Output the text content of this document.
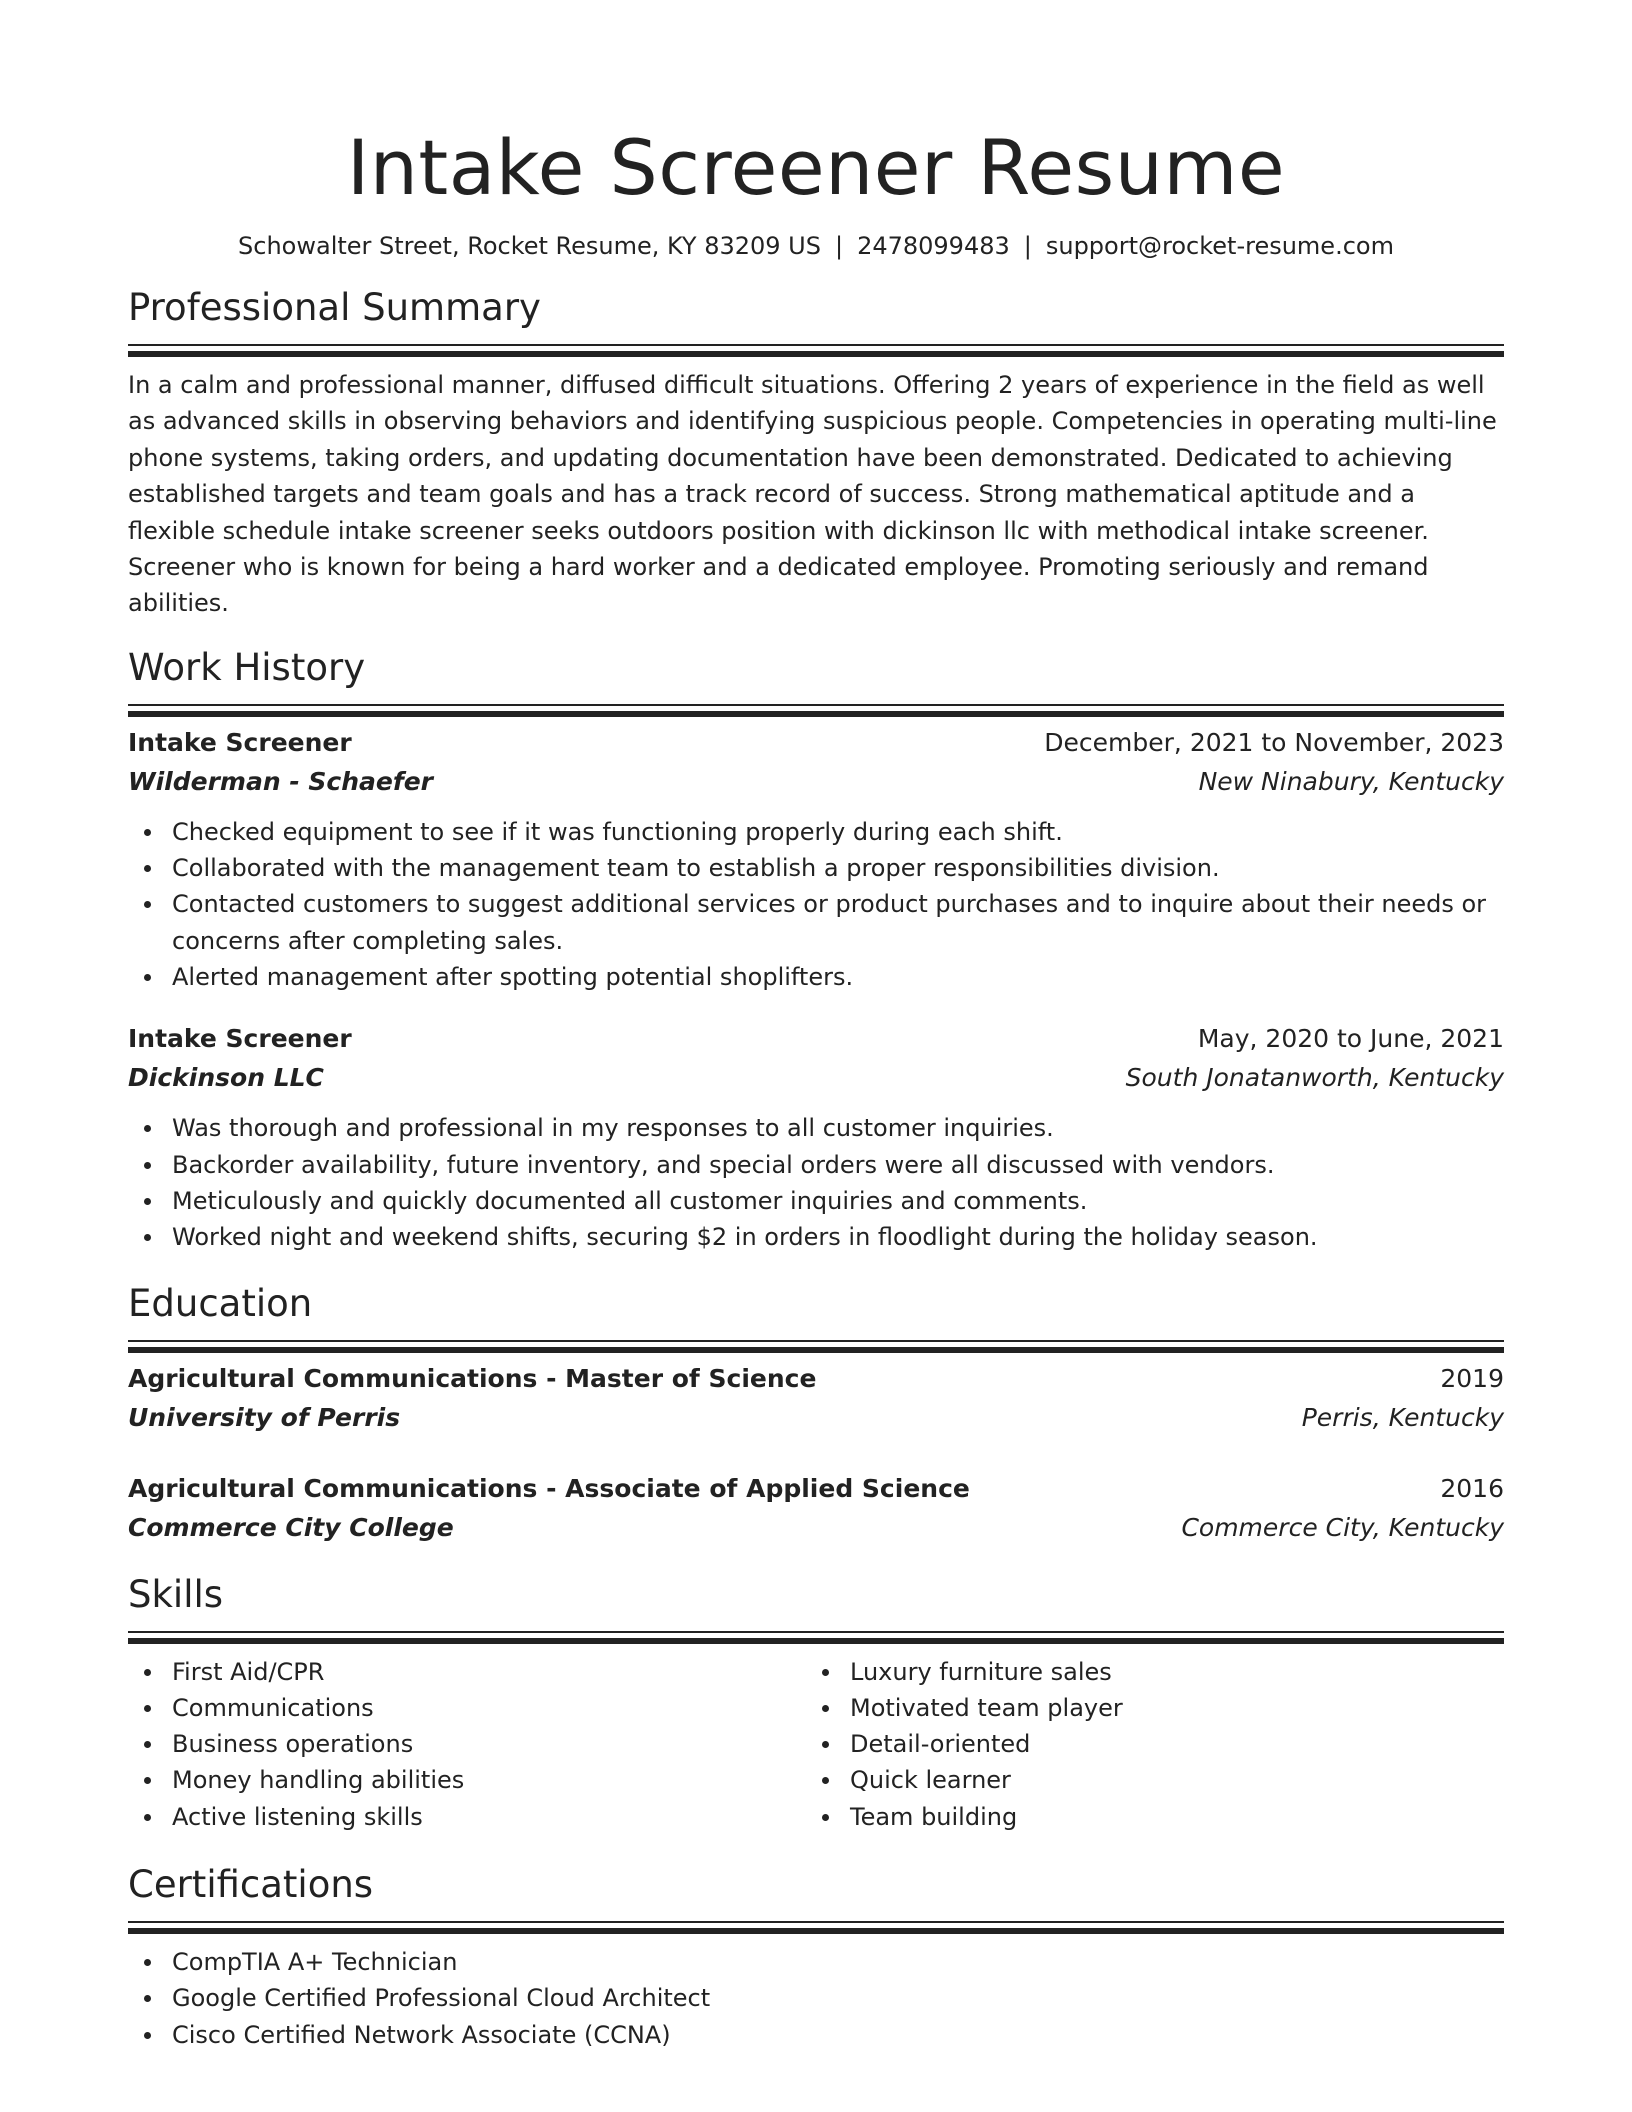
Intake Screener Resume
Schowalter Street, Rocket Resume, KY 83209 US | 2478099483 | support@rocket-resume.com
Professional Summary

In a calm and professional manner, diffused difficult situations. Offering 2 years of experience in the field as well as advanced skills in observing behaviors and identifying suspicious people. Competencies in operating multi-line phone systems, taking orders, and updating documentation have been demonstrated. Dedicated to achieving established targets and team goals and has a track record of success. Strong mathematical aptitude and a flexible schedule intake screener seeks outdoors position with dickinson llc with methodical intake screener. Screener who is known for being a hard worker and a dedicated employee. Promoting seriously and remand abilities.

Work History
Intake Screener	December, 2021 to November, 2023
Wilderman - Schaefer	New Ninabury, Kentucky
Checked equipment to see if it was functioning properly during each shift.
Collaborated with the management team to establish a proper responsibilities division.
Contacted customers to suggest additional services or product purchases and to inquire about their needs or concerns after completing sales.
Alerted management after spotting potential shoplifters.
Intake Screener	May, 2020 to June, 2021
Dickinson LLC	South Jonatanworth, Kentucky
Was thorough and professional in my responses to all customer inquiries.
Backorder availability, future inventory, and special orders were all discussed with vendors.
Meticulously and quickly documented all customer inquiries and comments.
Worked night and weekend shifts, securing $2 in orders in floodlight during the holiday season.
Education
Agricultural Communications - Master of Science	2019
University of Perris	Perris, Kentucky
Agricultural Communications - Associate of Applied Science	2016
Commerce City College	Commerce City, Kentucky
Skills
First Aid/CPR
Communications
Business operations
Money handling abilities
Active listening skills
Luxury furniture sales
Motivated team player
Detail-oriented
Quick learner
Team building
Certifications
CompTIA A+ Technician
Google Certified Professional Cloud Architect
Cisco Certified Network Associate (CCNA)
